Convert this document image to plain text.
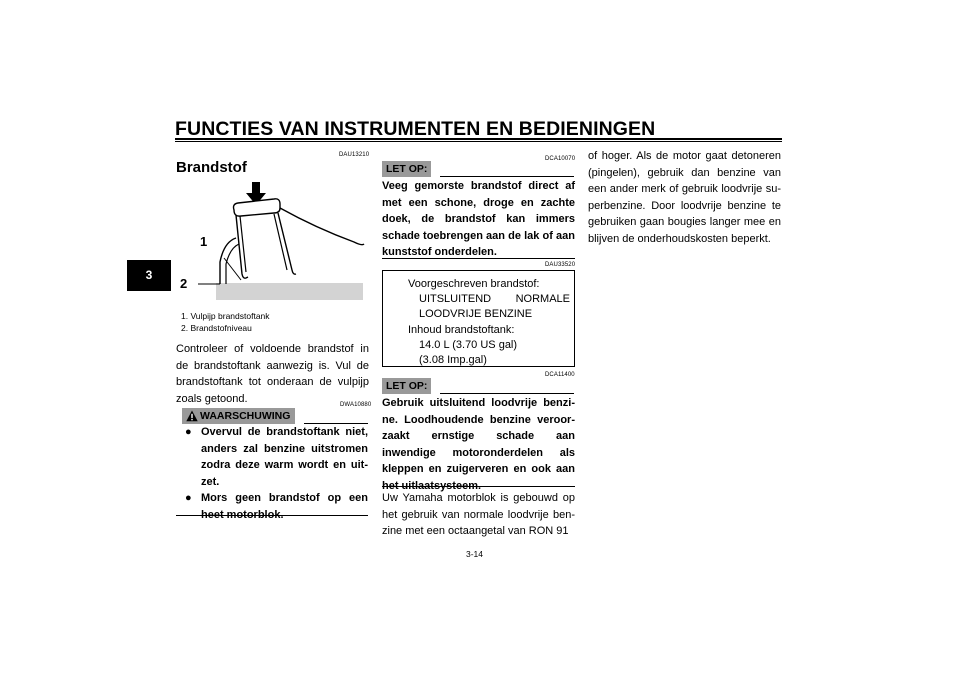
FUNCTIES VAN INSTRUMENTEN EN BEDIENINGEN
3
DAU13210
Brandstof
1
2
1. Vulpijp brandstoftank
2. Brandstofniveau
Controleer of voldoende brandstof in de brandstoftank aanwezig is. Vul de brandstoftank tot onderaan de vulpijp zoals getoond.
DWA10880
WAARSCHUWING
● Overvul de brandstoftank niet, anders zal benzine uitstromen zodra deze warm wordt en uit-zet.
● Mors geen brandstof op een heet motorblok.
DCA10070
LET OP:
Veeg gemorste brandstof direct af met een schone, droge en zachte doek, de brandstof kan immers schade toebrengen aan de lak of aan kunststof onderdelen.
DAU33520
Voorgeschreven brandstof:
UITSLUITEND NORMALE
LOODVRIJE BENZINE
Inhoud brandstoftank:
14.0 L (3.70 US gal)
(3.08 Imp.gal)
DCA11400
LET OP:
Gebruik uitsluitend loodvrije benzi-ne. Loodhoudende benzine veroor-zaakt ernstige schade aan inwendige motoronderdelen als kleppen en zuigerveren en ook aan het uitlaatsysteem.
Uw Yamaha motorblok is gebouwd op het gebruik van normale loodvrije ben-zine met een octaangetal van RON 91
of hoger. Als de motor gaat detoneren (pingelen), gebruik dan benzine van een ander merk of gebruik loodvrije su-perbenzine. Door loodvrije benzine te gebruiken gaan bougies langer mee en blijven de onderhoudskosten beperkt.
3-14
